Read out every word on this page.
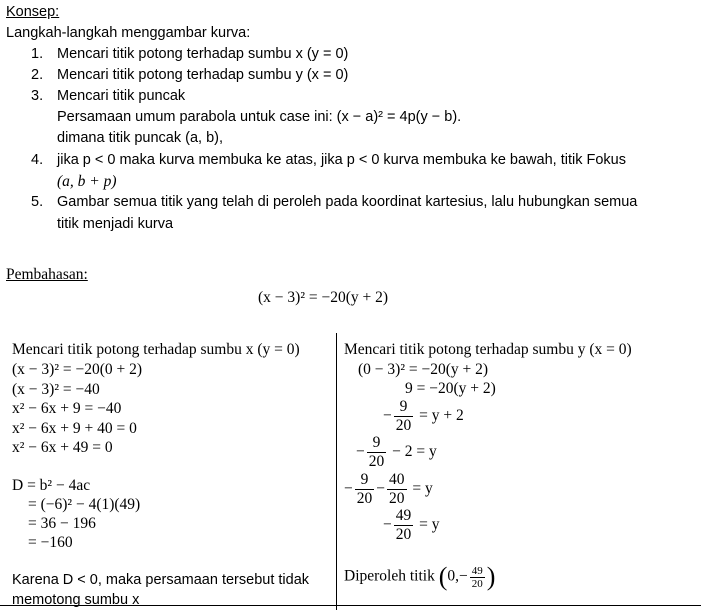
Konsep:
Langkah-langkah menggambar kurva:
1. Mencari titik potong terhadap sumbu x (y = 0)
2. Mencari titik potong terhadap sumbu y (x = 0)
3. Mencari titik puncak
Persamaan umum parabola untuk case ini: (x − a)² = 4p(y − b).
dimana titik puncak (a, b),
4. jika p < 0 maka kurva membuka ke atas, jika p < 0 kurva membuka ke bawah, titik Fokus
(a, b + p)
5. Gambar semua titik yang telah di peroleh pada koordinat kartesius, lalu hubungkan semua
titik menjadi kurva
Pembahasan:
(x − 3)² = −20(y + 2)
Mencari titik potong terhadap sumbu x (y = 0)
(x − 3)² = −20(0 + 2)
(x − 3)² = −40
x² − 6x + 9 = −40
x² − 6x + 9 + 40 = 0
x² − 6x + 49 = 0
D = b² − 4ac
= (−6)² − 4(1)(49)
= 36 − 196
= −160
Karena D < 0, maka persamaan tersebut tidak
memotong sumbu x
Mencari titik potong terhadap sumbu y (x = 0)
(0 − 3)² = −20(y + 2)
9 = −20(y + 2)
− $\frac{9}{20} = y + 2$
− $\frac{9}{20} - 2 = y$
− $\frac{9}{20} - \frac{40}{20} = y$
− $\frac{49}{20} = y$
Diperoleh titik ($0,- \frac{49}{20}$ )
